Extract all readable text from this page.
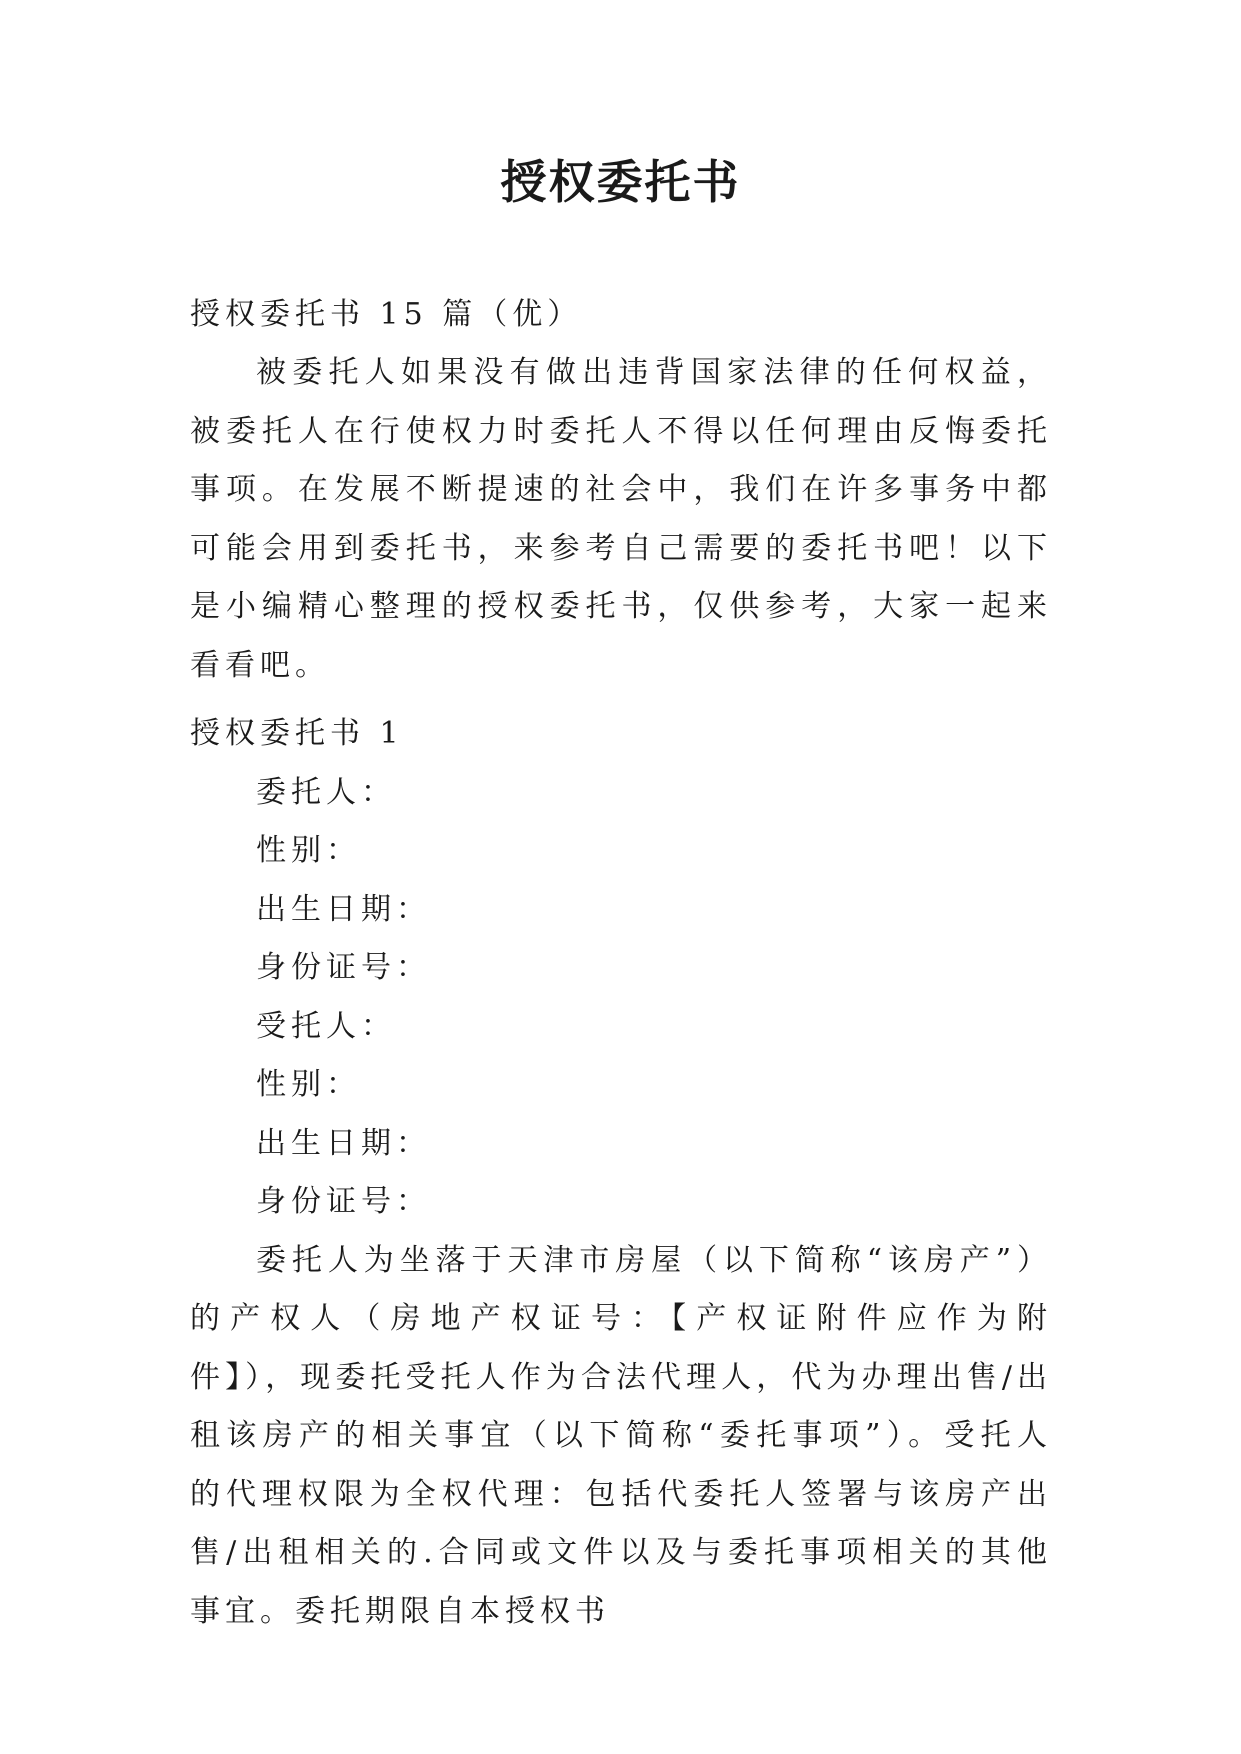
授权委托书

授权委托书 15 篇（优）

被委托人如果没有做出违背国家法律的任何权益，被委托人在行使权力时委托人不得以任何理由反悔委托事项。在发展不断提速的社会中，我们在许多事务中都可能会用到委托书，来参考自己需要的委托书吧！以下是小编精心整理的授权委托书，仅供参考，大家一起来看看吧。

授权委托书 1

委托人：

性别：

出生日期：

身份证号：

受托人：

性别：

出生日期：

身份证号：

委托人为坐落于天津市房屋（以下简称“该房产”）的产权人（房地产权证号：【产权证附件应作为附件】），现委托受托人作为合法代理人，代为办理出售/出租该房产的相关事宜（以下简称“委托事项”）。受托人的代理权限为全权代理：包括代委托人签署与该房产出售/出租相关的.合同或文件以及与委托事项相关的其他事宜。委托期限自本授权书
